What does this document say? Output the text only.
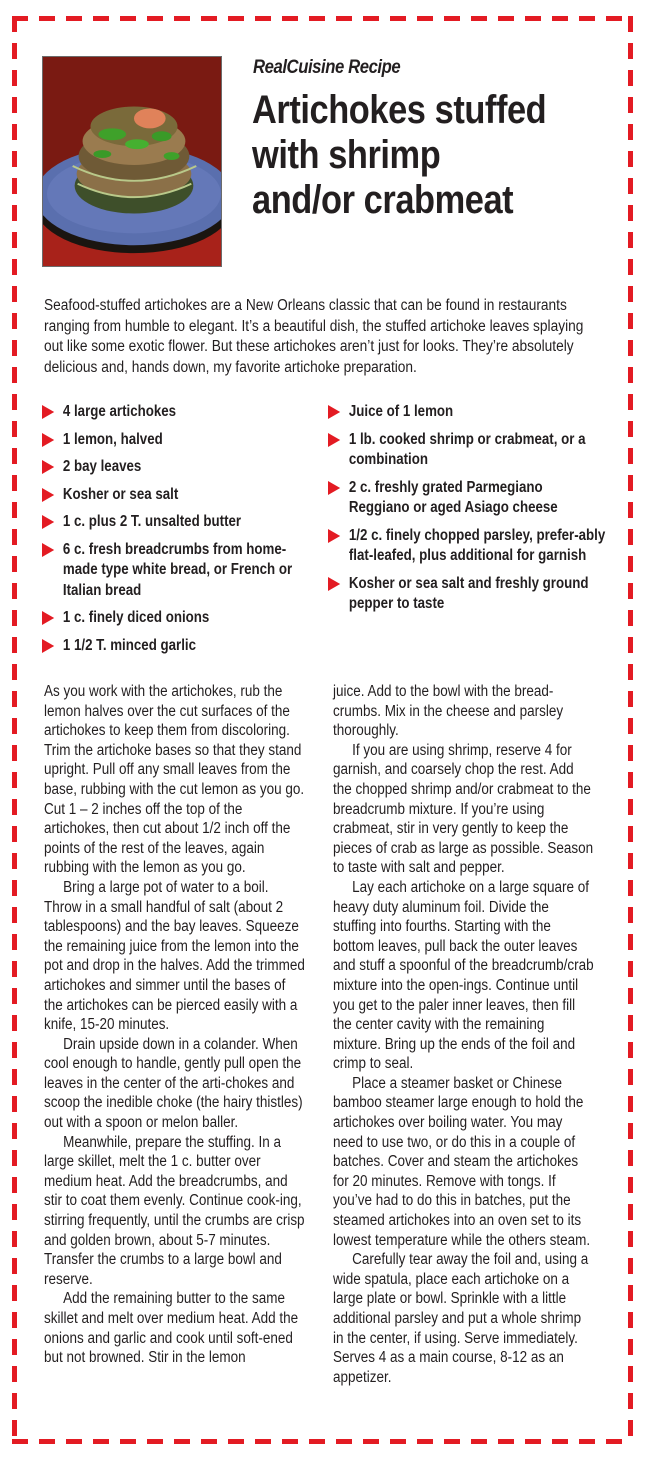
RealCuisine Recipe
Artichokes stuffed
with shrimp
and/or crabmeat

Seafood-stuffed artichokes are a New Orleans classic that can be found in restaurants ranging from humble to elegant. It’s a beautiful dish, the stuffed artichoke leaves splaying out like some exotic flower. But these artichokes aren’t just for looks. They’re absolutely delicious and, hands down, my favorite artichoke preparation.

4 large artichokes
1 lemon, halved
2 bay leaves
Kosher or sea salt
1 c. plus 2 T. unsalted butter
6 c. fresh breadcrumbs from home-made type white bread, or French or Italian bread
1 c. finely diced onions
1 1/2 T. minced garlic
Juice of 1 lemon
1 lb. cooked shrimp or crabmeat, or a combination
2 c. freshly grated Parmegiano Reggiano or aged Asiago cheese
1/2 c. finely chopped parsley, prefer-ably flat-leafed, plus additional for garnish
Kosher or sea salt and freshly ground pepper to taste

As you work with the artichokes, rub the lemon halves over the cut surfaces of the artichokes to keep them from discoloring. Trim the artichoke bases so that they stand upright. Pull off any small leaves from the base, rubbing with the cut lemon as you go. Cut 1 – 2 inches off the top of the artichokes, then cut about 1/2 inch off the points of the rest of the leaves, again rubbing with the lemon as you go.

Bring a large pot of water to a boil. Throw in a small handful of salt (about 2 tablespoons) and the bay leaves. Squeeze the remaining juice from the lemon into the pot and drop in the halves. Add the trimmed artichokes and simmer until the bases of the artichokes can be pierced easily with a knife, 15-20 minutes.

Drain upside down in a colander. When cool enough to handle, gently pull open the leaves in the center of the arti-chokes and scoop the inedible choke (the hairy thistles) out with a spoon or melon baller.

Meanwhile, prepare the stuffing. In a large skillet, melt the 1 c. butter over medium heat. Add the breadcrumbs, and stir to coat them evenly. Continue cook-ing, stirring frequently, until the crumbs are crisp and golden brown, about 5-7 minutes. Transfer the crumbs to a large bowl and reserve.

Add the remaining butter to the same skillet and melt over medium heat. Add the onions and garlic and cook until soft-ened but not browned. Stir in the lemon

juice. Add to the bowl with the bread-crumbs. Mix in the cheese and parsley thoroughly.

If you are using shrimp, reserve 4 for garnish, and coarsely chop the rest. Add the chopped shrimp and/or crabmeat to the breadcrumb mixture. If you’re using crabmeat, stir in very gently to keep the pieces of crab as large as possible. Season to taste with salt and pepper.

Lay each artichoke on a large square of heavy duty aluminum foil. Divide the stuffing into fourths. Starting with the bottom leaves, pull back the outer leaves and stuff a spoonful of the breadcrumb/crab mixture into the open-ings. Continue until you get to the paler inner leaves, then fill the center cavity with the remaining mixture. Bring up the ends of the foil and crimp to seal.

Place a steamer basket or Chinese bamboo steamer large enough to hold the artichokes over boiling water. You may need to use two, or do this in a couple of batches. Cover and steam the artichokes for 20 minutes. Remove with tongs. If you’ve had to do this in batches, put the steamed artichokes into an oven set to its lowest temperature while the others steam.

Carefully tear away the foil and, using a wide spatula, place each artichoke on a large plate or bowl. Sprinkle with a little additional parsley and put a whole shrimp in the center, if using. Serve immediately. Serves 4 as a main course, 8-12 as an appetizer.
